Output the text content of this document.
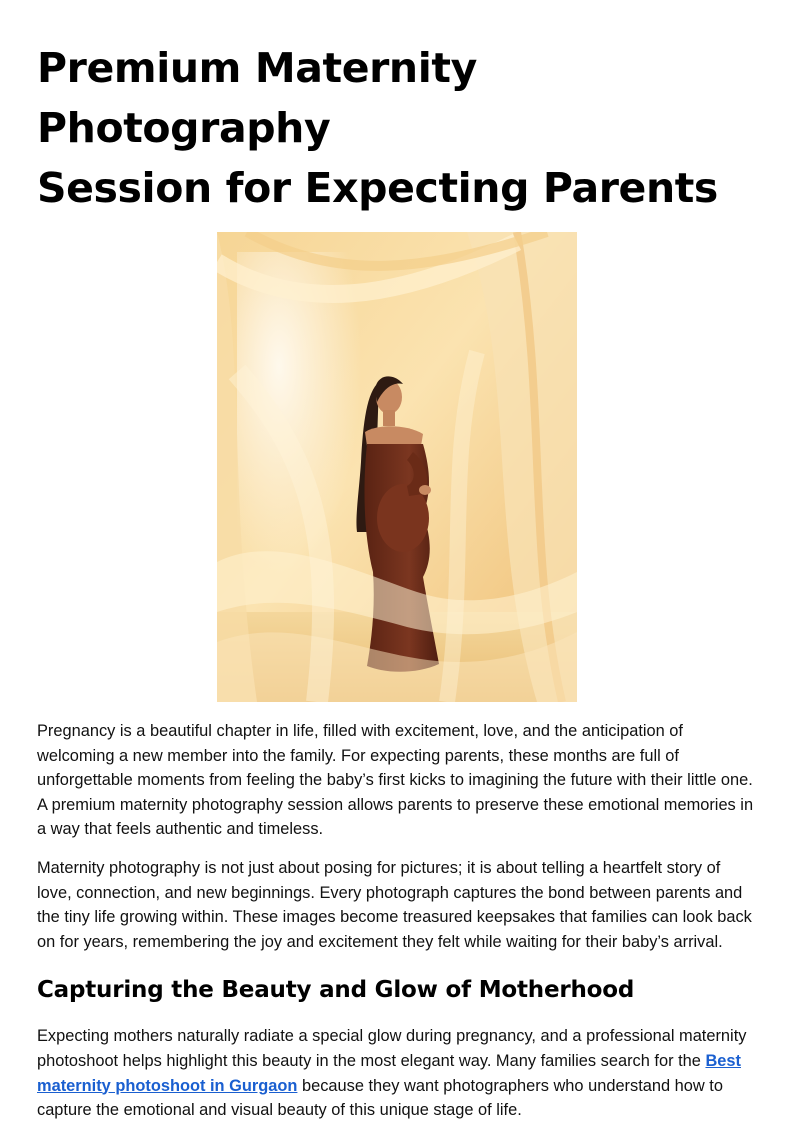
Premium Maternity Photography
Session for Expecting Parents

Pregnancy is a beautiful chapter in life, filled with excitement, love, and the anticipation of welcoming a new member into the family. For expecting parents, these months are full of unforgettable moments from feeling the baby’s first kicks to imagining the future with their little one. A premium maternity photography session allows parents to preserve these emotional memories in a way that feels authentic and timeless.

Maternity photography is not just about posing for pictures; it is about telling a heartfelt story of love, connection, and new beginnings. Every photograph captures the bond between parents and the tiny life growing within. These images become treasured keepsakes that families can look back on for years, remembering the joy and excitement they felt while waiting for their baby’s arrival.

Capturing the Beauty and Glow of Motherhood

Expecting mothers naturally radiate a special glow during pregnancy, and a professional maternity photoshoot helps highlight this beauty in the most elegant way. Many families search for the Best maternity photoshoot in Gurgaon because they want photographers who understand how to capture the emotional and visual beauty of this unique stage of life.
